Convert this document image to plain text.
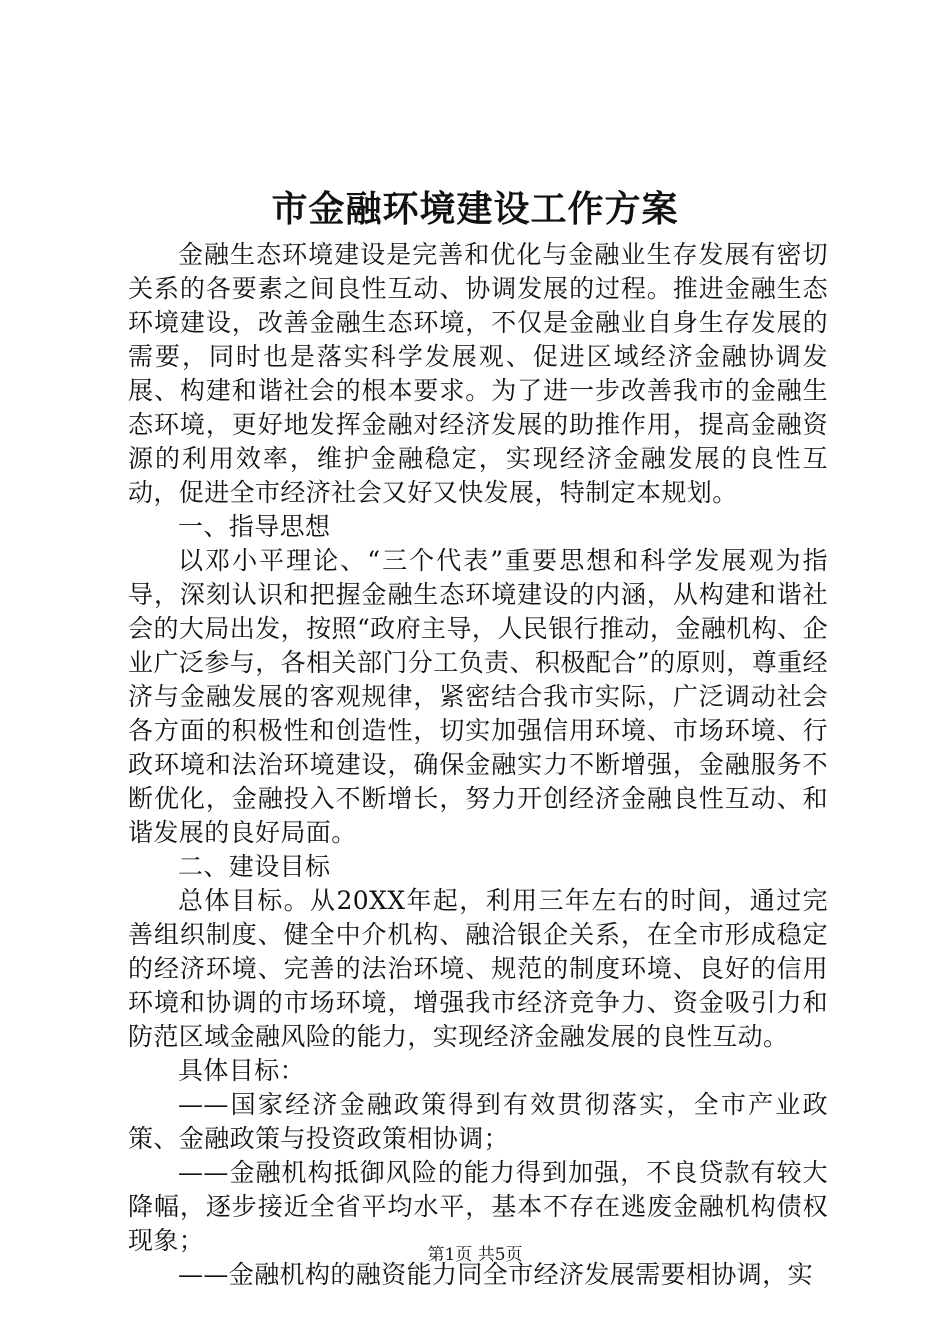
市金融环境建设工作方案

金融生态环境建设是完善和优化与金融业生存发展有密切关系的各要素之间良性互动、协调发展的过程。推进金融生态环境建设，改善金融生态环境，不仅是金融业自身生存发展的需要，同时也是落实科学发展观、促进区域经济金融协调发展、构建和谐社会的根本要求。为了进一步改善我市的金融生态环境，更好地发挥金融对经济发展的助推作用，提高金融资源的利用效率，维护金融稳定，实现经济金融发展的良性互动，促进全市经济社会又好又快发展，特制定本规划。

一、指导思想

以邓小平理论、“三个代表”重要思想和科学发展观为指导，深刻认识和把握金融生态环境建设的内涵，从构建和谐社会的大局出发，按照“政府主导，人民银行推动，金融机构、企业广泛参与，各相关部门分工负责、积极配合”的原则，尊重经济与金融发展的客观规律，紧密结合我市实际，广泛调动社会各方面的积极性和创造性，切实加强信用环境、市场环境、行政环境和法治环境建设，确保金融实力不断增强，金融服务不断优化，金融投入不断增长，努力开创经济金融良性互动、和谐发展的良好局面。

二、建设目标

总体目标。从20XX年起，利用三年左右的时间，通过完善组织制度、健全中介机构、融洽银企关系，在全市形成稳定的经济环境、完善的法治环境、规范的制度环境、良好的信用环境和协调的市场环境，增强我市经济竞争力、资金吸引力和防范区域金融风险的能力，实现经济金融发展的良性互动。

具体目标：

——国家经济金融政策得到有效贯彻落实，全市产业政策、金融政策与投资政策相协调；

——金融机构抵御风险的能力得到加强，不良贷款有较大降幅，逐步接近全省平均水平，基本不存在逃废金融机构债权现象；

——金融机构的融资能力同全市经济发展需要相协调，实

第1页 共5页
